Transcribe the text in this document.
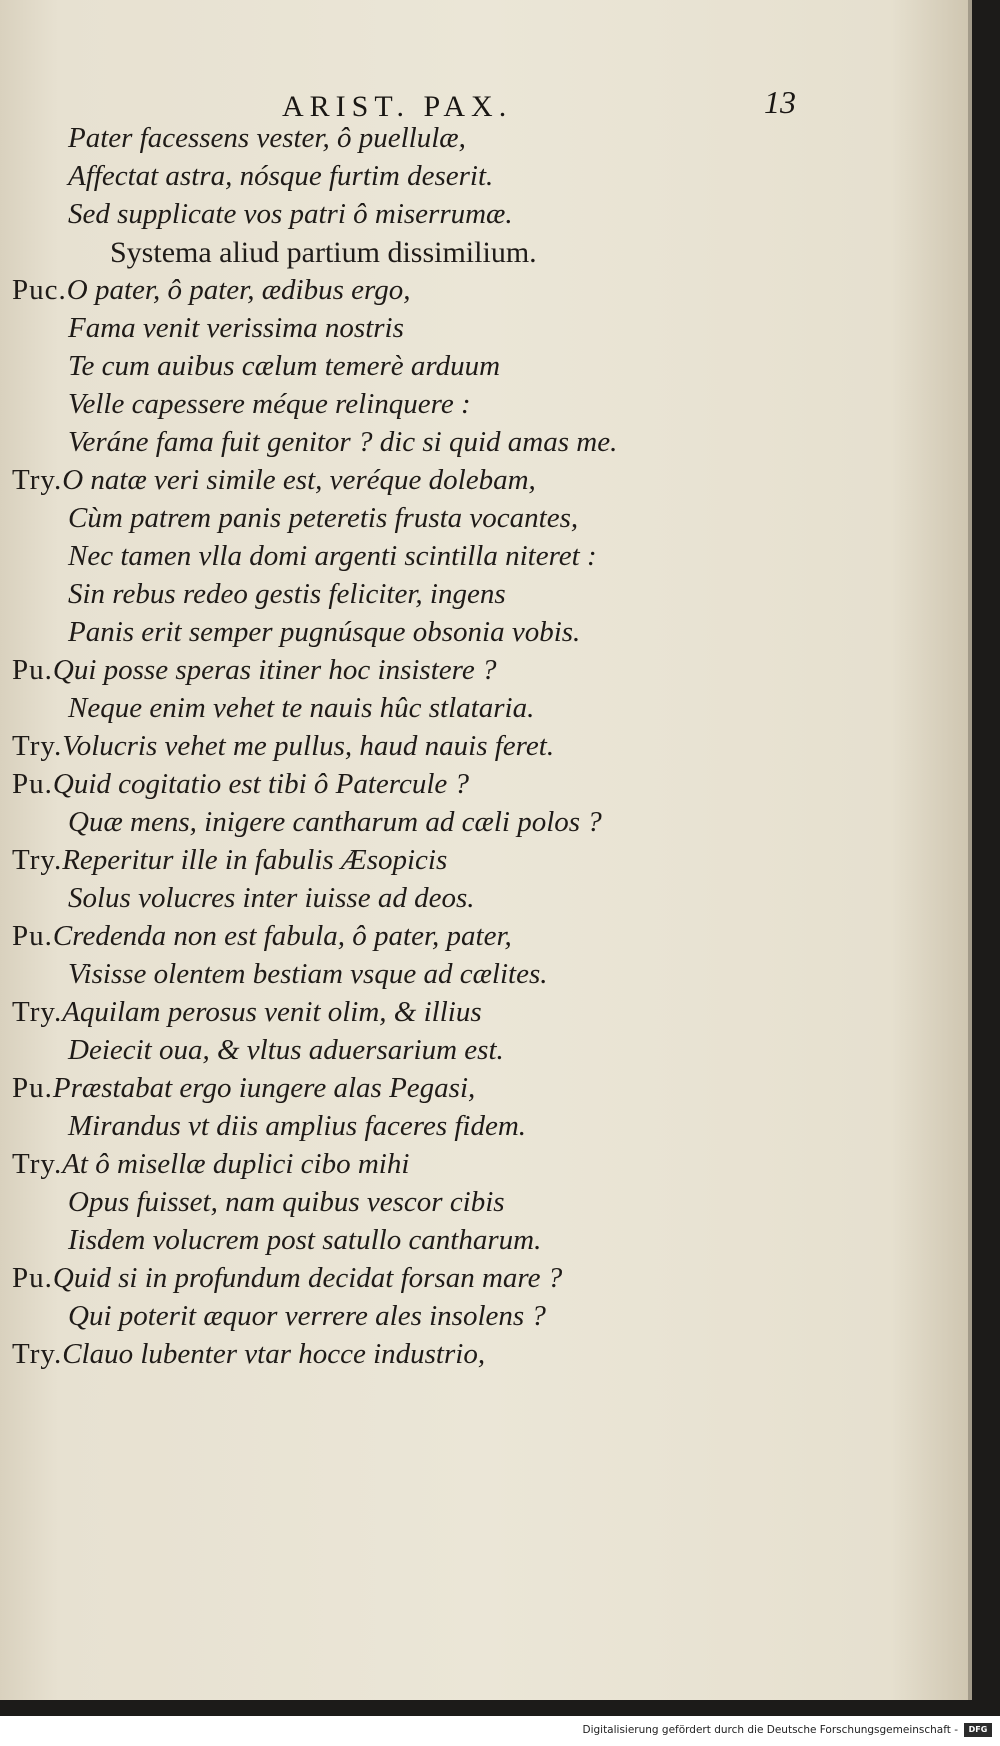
ARIST. PAX.	13
Pater facessens vester, ô puellulæ,
Affectat astra, nósque furtim deserit.
Sed supplicate vos patri ô miserrumæ.
Systema aliud partium dissimilium.
Puc.O pater, ô pater, ædibus ergo,
Fama venit verissima nostris
Te cum auibus cælum temerè arduum
Velle capessere méque relinquere :
Veráne fama fuit genitor ? dic si quid amas me.
Try.O natæ veri simile est, veréque dolebam,
Cùm patrem panis peteretis frusta vocantes,
Nec tamen vlla domi argenti scintilla niteret :
Sin rebus redeo gestis feliciter, ingens
Panis erit semper pugnúsque obsonia vobis.
Pu.Qui posse speras itiner hoc insistere ?
Neque enim vehet te nauis hûc stlataria.
Try.Volucris vehet me pullus, haud nauis feret.
Pu.Quid cogitatio est tibi ô Patercule ?
Quæ mens, inigere cantharum ad cæli polos ?
Try.Reperitur ille in fabulis Æsopicis
Solus volucres inter iuisse ad deos.
Pu.Credenda non est fabula, ô pater, pater,
Visisse olentem bestiam vsque ad cælites.
Try.Aquilam perosus venit olim, & illius
Deiecit oua, & vltus aduersarium est.
Pu.Præstabat ergo iungere alas Pegasi,
Mirandus vt diis amplius faceres fidem.
Try.At ô misellæ duplici cibo mihi
Opus fuisset, nam quibus vescor cibis
Iisdem volucrem post satullo cantharum.
Pu.Quid si in profundum decidat forsan mare ?
Qui poterit æquor verrere ales insolens ?
Try.Clauo lubenter vtar hocce industrio,
Digitalisierung gefördert durch die Deutsche Forschungsgemeinschaft -	DFG
